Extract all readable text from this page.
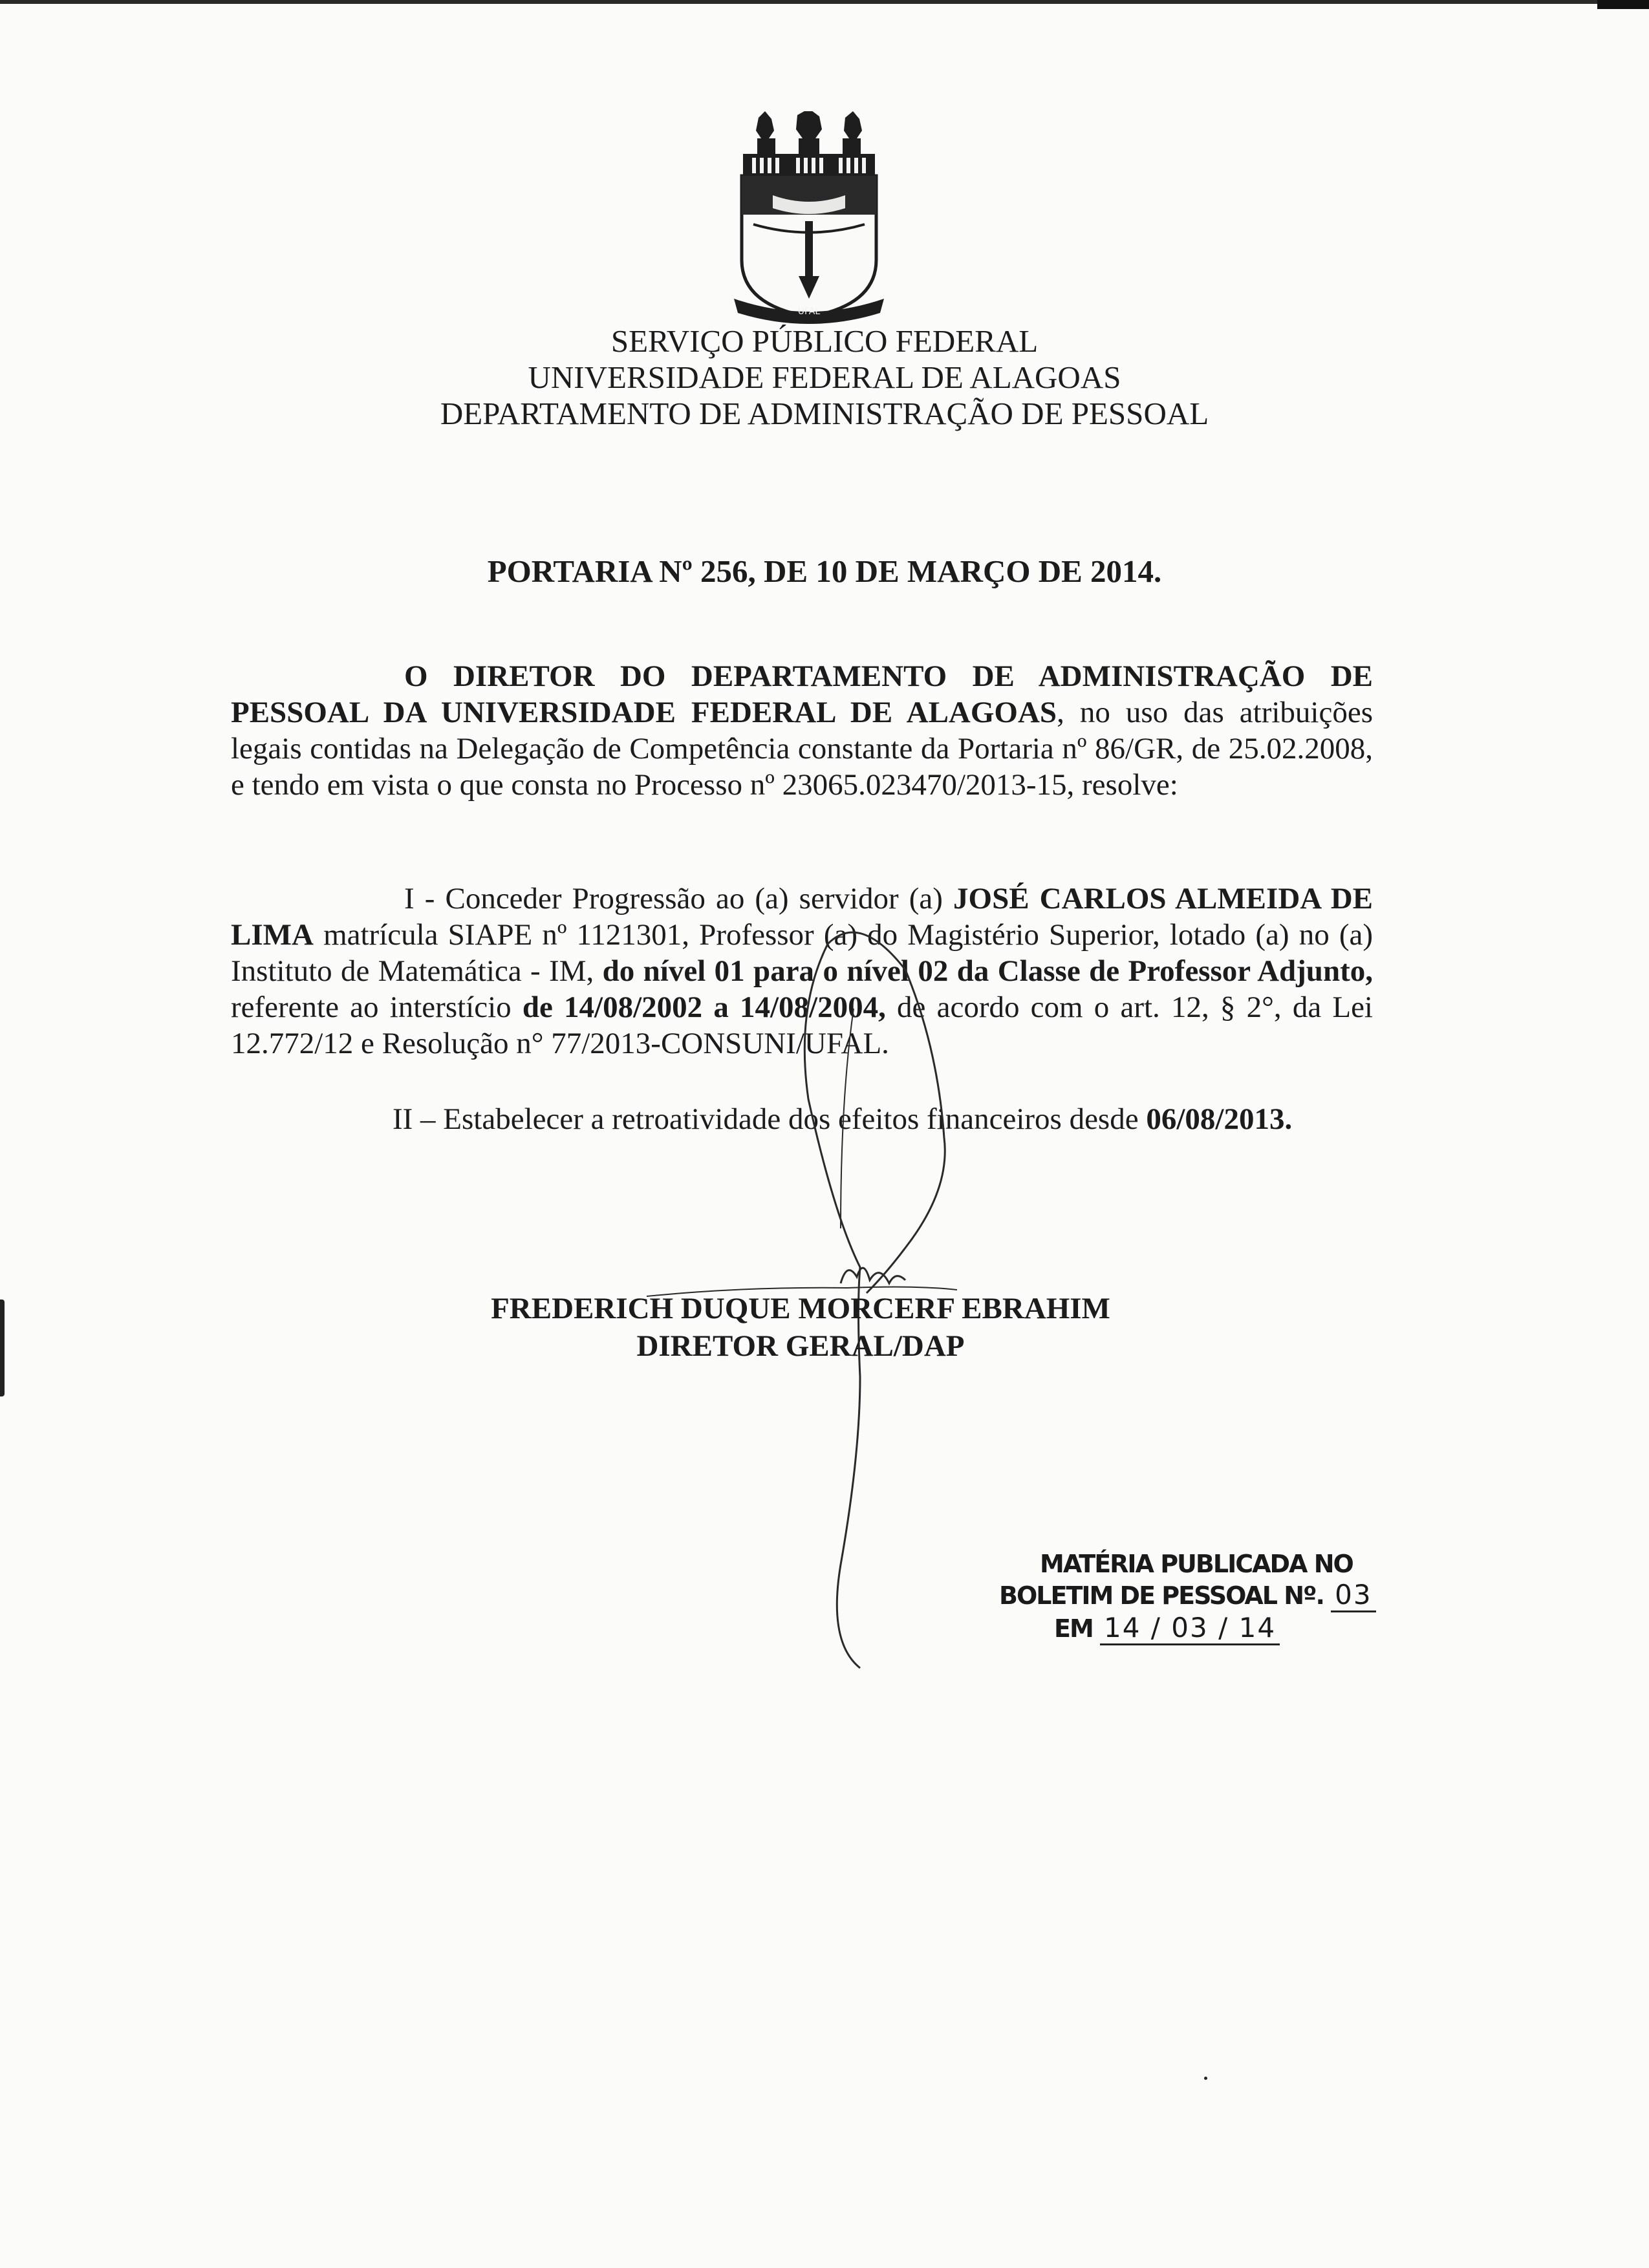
UFAL
SERVIÇO PÚBLICO FEDERAL
UNIVERSIDADE FEDERAL DE ALAGOAS
DEPARTAMENTO DE ADMINISTRAÇÃO DE PESSOAL
PORTARIA Nº 256, DE 10 DE MARÇO DE 2014.
O DIRETOR DO DEPARTAMENTO DE ADMINISTRAÇÃO DE PESSOAL DA UNIVERSIDADE FEDERAL DE ALAGOAS, no uso das atribuições legais contidas na Delegação de Competência constante da Portaria nº 86/GR, de 25.02.2008, e tendo em vista o que consta no Processo nº 23065.023470/2013-15, resolve:
I - Conceder Progressão ao (a) servidor (a) JOSÉ CARLOS ALMEIDA DE LIMA matrícula SIAPE nº 1121301, Professor (a) do Magistério Superior, lotado (a) no (a) Instituto de Matemática - IM, do nível 01 para o nível 02 da Classe de Professor Adjunto, referente ao interstício de 14/08/2002 a 14/08/2004, de acordo com o art. 12, § 2°, da Lei 12.772/12 e Resolução n° 77/2013-CONSUNI/UFAL.
II – Estabelecer a retroatividade dos efeitos financeiros desde 06/08/2013.
FREDERICH DUQUE MORCERF EBRAHIM
DIRETOR GERAL/DAP
MATÉRIA PUBLICADA NO
BOLETIM DE PESSOAL Nº. 03
EM 14 / 03 / 14
